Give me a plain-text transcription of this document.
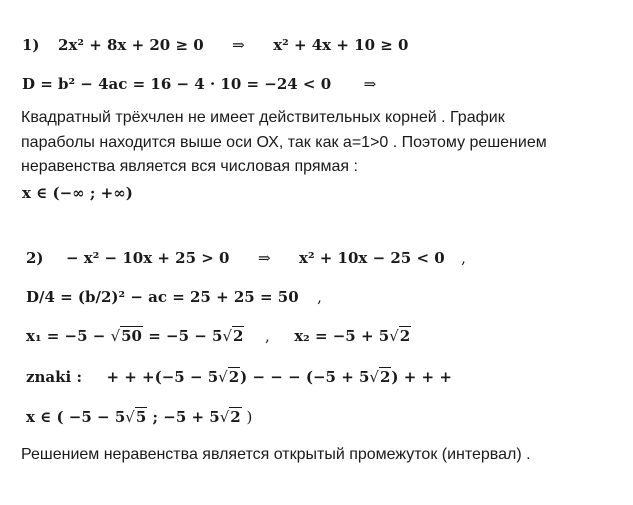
1) 2x² + 8x + 20 ≥ 0 ⇒ x² + 4x + 10 ≥ 0
D = b² − 4ac = 16 − 4 · 10 = −24 < 0 ⇒
Квадратный трёхчлен не имеет действительных корней . График
параболы находится выше оси ОХ, так как а=1>0 . Поэтому решением
неравенства является вся числовая прямая :
x ∈ (−∞ ; +∞)
2) − x² − 10x + 25 > 0 ⇒ x² + 10x − 25 < 0 ,
D/4 = (b/2)² − ac = 25 + 25 = 50 ,
x₁ = −5 − √50 = −5 − 5√2 , x₂ = −5 + 5√2
znaki : + + +(−5 − 5√2) − − − (−5 + 5√2) + + +
x ∈ ( −5 − 5√5 ; −5 + 5√2 )
Решением неравенства является открытый промежуток (интервал) .
